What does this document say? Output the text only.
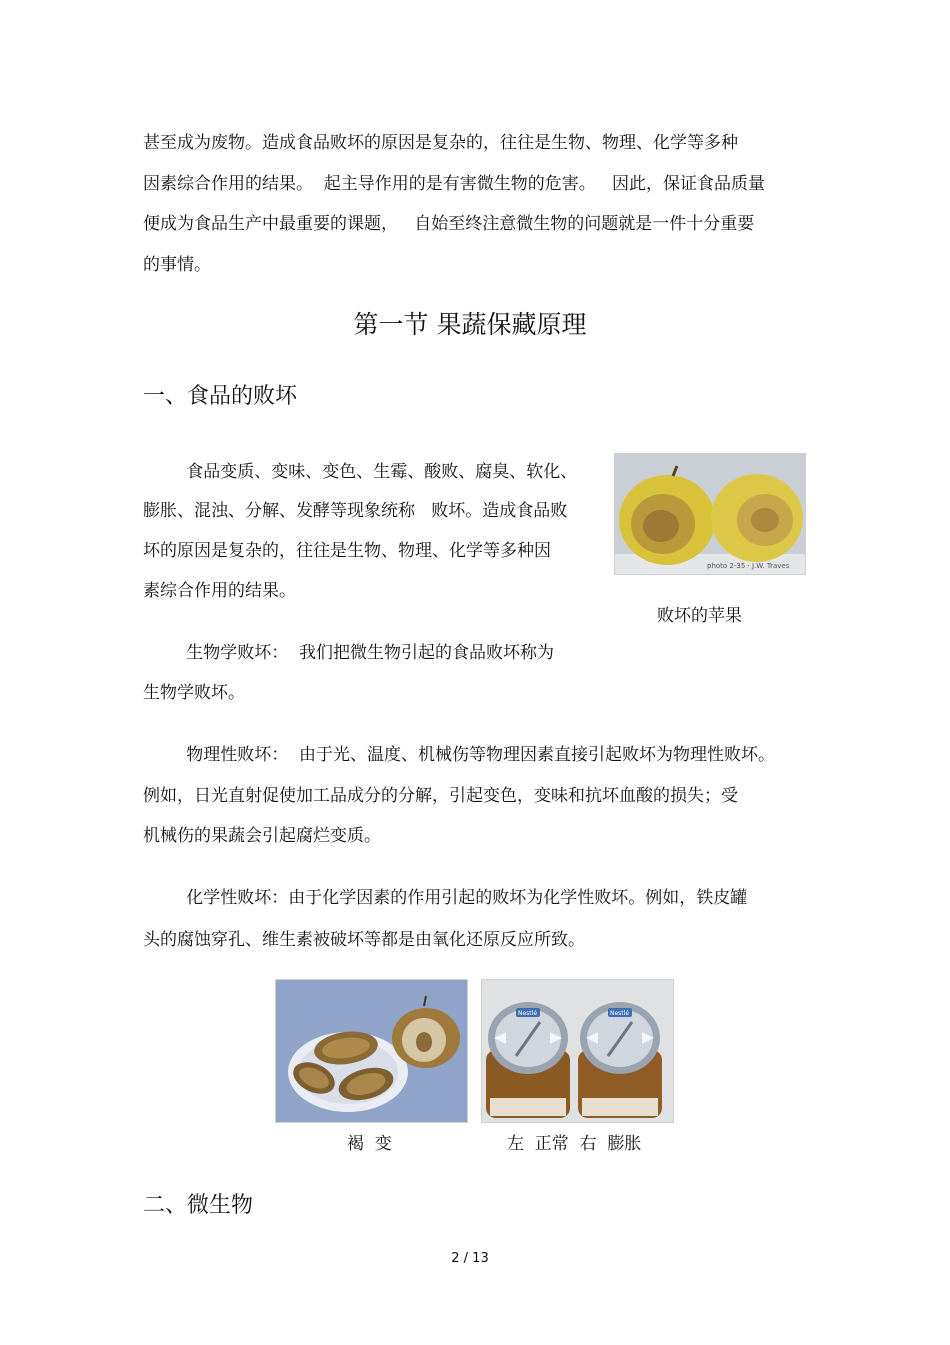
甚至成为废物。造成食品败坏的原因是复杂的，往往是生物、物理、化学等多种

因素综合作用的结果。  起主导作用的是有害微生物的危害。   因此，保证食品质量

便成为食品生产中最重要的课题，   自始至终注意微生物的问题就是一件十分重要

的事情。

第一节 果蔬保藏原理
一、食品的败坏

食品变质、变味、变色、生霉、酸败、腐臭、软化、

膨胀、混浊、分解、发酵等现象统称   败坏。造成食品败

坏的原因是复杂的，往往是生物、物理、化学等多种因

素综合作用的结果。

photo 2-35 · J.W. Traves

败坏的苹果

生物学败坏：  我们把微生物引起的食品败坏称为

生物学败坏。

物理性败坏：  由于光、温度、机械伤等物理因素直接引起败坏为物理性败坏。

例如，日光直射促使加工品成分的分解，引起变色，变味和抗坏血酸的损失；受

机械伤的果蔬会引起腐烂变质。

化学性败坏：由于化学因素的作用引起的败坏为化学性败坏。例如，铁皮罐

头的腐蚀穿孔、维生素被破坏等都是由氧化还原反应所致。

褐  变

Nestlé	Nestlé

左  正常  右  膨胀

二、微生物
2 / 13
